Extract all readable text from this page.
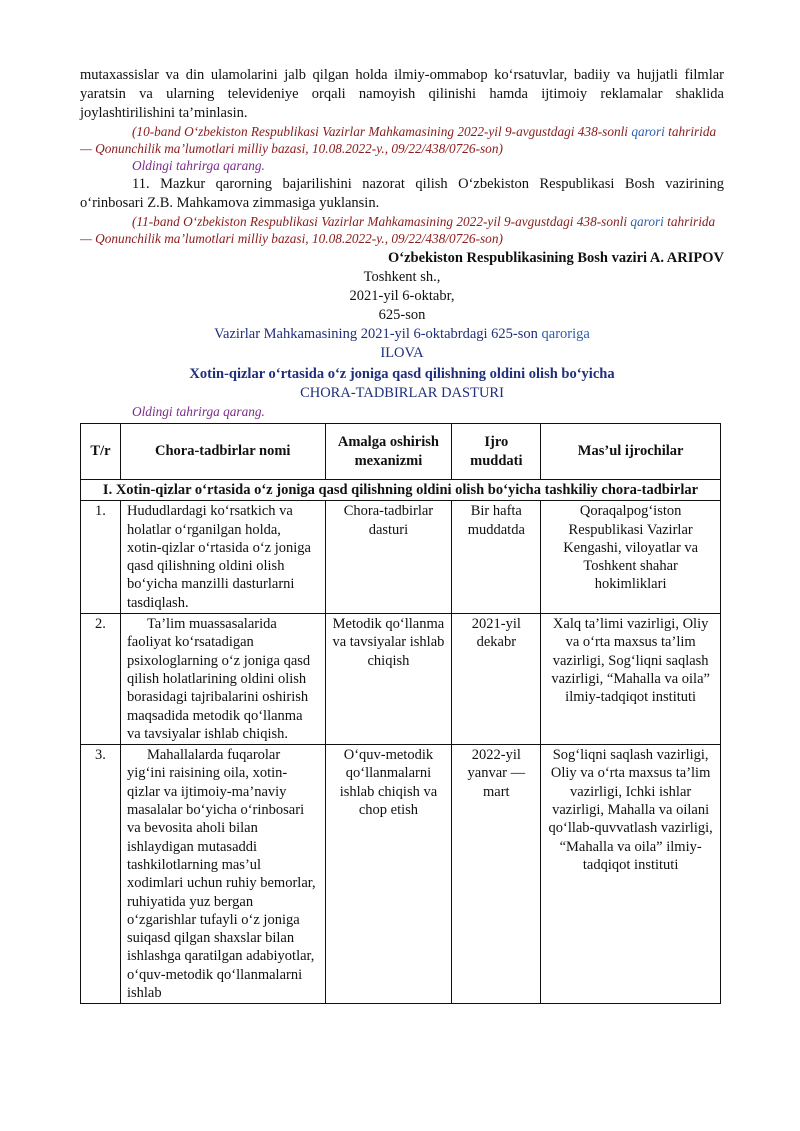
mutaxassislar va din ulamolarini jalb qilgan holda ilmiy-ommabop ko‘rsatuvlar, badiiy va hujjatli filmlar yaratsin va ularning televideniye orqali namoyish qilinishi hamda ijtimoiy reklamalar shaklida joylashtirilishini ta’minlasin.

(10-band O‘zbekiston Respublikasi Vazirlar Mahkamasining 2022-yil 9-avgustdagi 438-sonli qarori tahririda — Qonunchilik ma’lumotlari milliy bazasi, 10.08.2022-y., 09/22/438/0726-son)

Oldingi tahrirga qarang.

11. Mazkur qarorning bajarilishini nazorat qilish O‘zbekiston Respublikasi Bosh vazirining o‘rinbosari Z.B. Mahkamova zimmasiga yuklansin.

(11-band O‘zbekiston Respublikasi Vazirlar Mahkamasining 2022-yil 9-avgustdagi 438-sonli qarori tahririda — Qonunchilik ma’lumotlari milliy bazasi, 10.08.2022-y., 09/22/438/0726-son)

O‘zbekiston Respublikasining Bosh vaziri A. ARIPOV

Toshkent sh.,

2021-yil 6-oktabr,

625-son

Vazirlar Mahkamasining 2021-yil 6-oktabrdagi 625-son qaroriga

ILOVA

Xotin-qizlar o‘rtasida o‘z joniga qasd qilishning oldini olish bo‘yicha

CHORA-TADBIRLAR DASTURI

Oldingi tahrirga qarang.

T/r	Chora-tadbirlar nomi	Amalga oshirish mexanizmi	Ijro muddati	Mas’ul ijrochilar
I. Xotin-qizlar o‘rtasida o‘z joniga qasd qilishning oldini olish bo‘yicha tashkiliy chora-tadbirlar				
1.	Hududlardagi ko‘rsatkich va holatlar o‘rganilgan holda, xotin-qizlar o‘rtasida o‘z joniga qasd qilishning oldini olish bo‘yicha manzilli dasturlarni tasdiqlash.	Chora-tadbirlar dasturi	Bir hafta muddatda	Qoraqalpog‘iston Respublikasi Vazirlar Kengashi, viloyatlar va Toshkent shahar hokimliklari
2.	Ta’lim muassasalarida faoliyat ko‘rsatadigan psixologlarning o‘z joniga qasd qilish holatlarining oldini olish borasidagi tajribalarini oshirish maqsadida metodik qo‘llanma va tavsiyalar ishlab chiqish.	Metodik qo‘llanma va tavsiyalar ishlab chiqish	2021-yil dekabr	Xalq ta’limi vazirligi, Oliy va o‘rta maxsus ta’lim vazirligi, Sog‘liqni saqlash vazirligi, “Mahalla va oila” ilmiy-tadqiqot instituti
3.	Mahallalarda fuqarolar yig‘ini raisining oila, xotin-qizlar va ijtimoiy-ma’naviy masalalar bo‘yicha o‘rinbosari va bevosita aholi bilan ishlaydigan mutasaddi tashkilotlarning mas’ul xodimlari uchun ruhiy bemorlar, ruhiyatida yuz bergan o‘zgarishlar tufayli o‘z joniga suiqasd qilgan shaxslar bilan ishlashga qaratilgan adabiyotlar, o‘quv-metodik qo‘llanmalarni ishlab	O‘quv-metodik qo‘llanmalarni ishlab chiqish va chop etish	2022-yil yanvar — mart	Sog‘liqni saqlash vazirligi, Oliy va o‘rta maxsus ta’lim vazirligi, Ichki ishlar vazirligi, Mahalla va oilani qo‘llab-quvvatlash vazirligi, “Mahalla va oila” ilmiy-tadqiqot instituti
